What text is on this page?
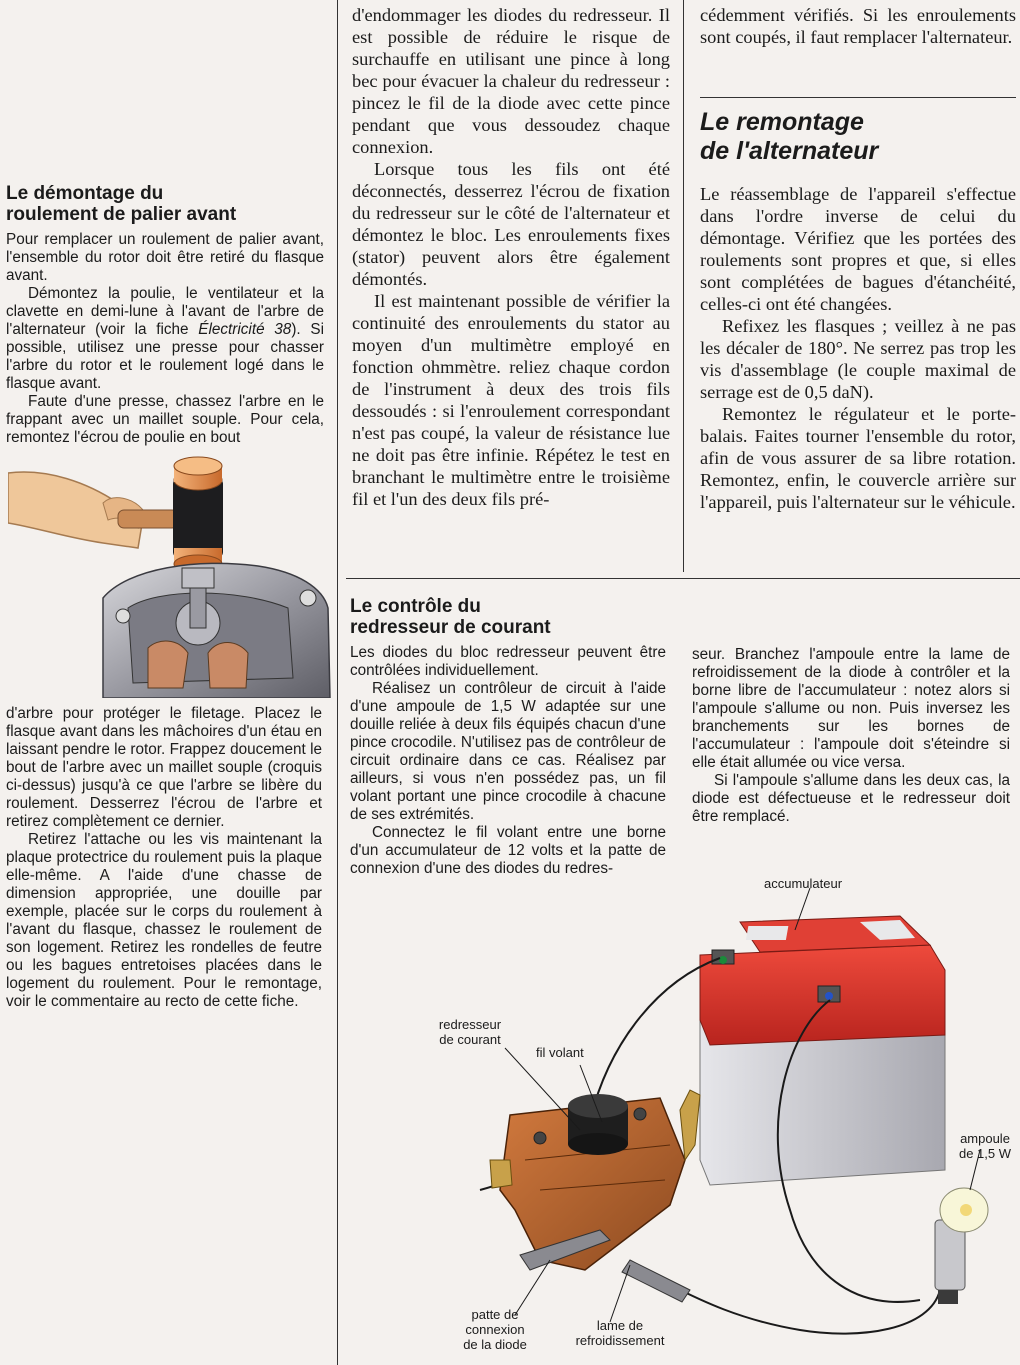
Le démontage du
roulement de palier avant

Pour remplacer un roulement de palier avant, l'ensemble du rotor doit être retiré du flasque avant.

Démontez la poulie, le ventilateur et la clavette en demi-lune à l'avant de l'arbre de l'alternateur (voir la fiche Électricité 38). Si possible, utilisez une presse pour chasser l'arbre du rotor et le roulement logé dans le flasque avant.

Faute d'une presse, chassez l'arbre en le frappant avec un maillet souple. Pour cela, remontez l'écrou de poulie en bout

d'arbre pour protéger le filetage. Placez le flasque avant dans les mâchoires d'un étau en laissant pendre le rotor. Frappez doucement le bout de l'arbre avec un maillet souple (croquis ci-dessus) jusqu'à ce que l'arbre se libère du roulement. Desserrez l'écrou de l'arbre et retirez complètement ce dernier.

Retirez l'attache ou les vis maintenant la plaque protectrice du roulement puis la plaque elle-même. A l'aide d'une chasse de dimension appropriée, une douille par exemple, placée sur le corps du roulement à l'avant du flasque, chassez le roulement de son logement. Retirez les rondelles de feutre ou les bagues entretoises placées dans le logement du roulement. Pour le remontage, voir le commentaire au recto de cette fiche.

d'endommager les diodes du redresseur. Il est possible de réduire le risque de surchauffe en utilisant une pince à long bec pour évacuer la chaleur du redresseur : pincez le fil de la diode avec cette pince pendant que vous dessoudez chaque connexion.

Lorsque tous les fils ont été déconnectés, desserrez l'écrou de fixation du redresseur sur le côté de l'alternateur et démontez le bloc. Les enroulements fixes (stator) peuvent alors être également démontés.

Il est maintenant possible de vérifier la continuité des enroulements du stator au moyen d'un multimètre employé en fonction ohmmètre. reliez chaque cordon de l'instrument à deux des trois fils dessoudés : si l'enroulement correspondant n'est pas coupé, la valeur de résistance lue ne doit pas être infinie. Répétez le test en branchant le multimètre entre le troisième fil et l'un des deux fils pré-

cédemment vérifiés. Si les enroulements sont coupés, il faut remplacer l'alternateur.

Le remontage
de l'alternateur

Le réassemblage de l'appareil s'effectue dans l'ordre inverse de celui du démontage. Vérifiez que les portées des roulements sont propres et que, si elles sont complétées de bagues d'étanchéité, celles-ci ont été changées.

Refixez les flasques ; veillez à ne pas les décaler de 180°. Ne serrez pas trop les vis d'assemblage (le couple maximal de serrage est de 0,5 daN).

Remontez le régulateur et le porte-balais. Faites tourner l'ensemble du rotor, afin de vous assurer de sa libre rotation. Remontez, enfin, le couvercle arrière sur l'appareil, puis l'alternateur sur le véhicule.

Le contrôle du
redresseur de courant

Les diodes du bloc redresseur peuvent être contrôlées individuellement.

Réalisez un contrôleur de circuit à l'aide d'une ampoule de 1,5 W adaptée sur une douille reliée à deux fils équipés chacun d'une pince crocodile. N'utilisez pas de contrôleur de circuit ordinaire dans ce cas. Réalisez par ailleurs, si vous n'en possédez pas, un fil volant portant une pince crocodile à chacune de ses extrémités.

Connectez le fil volant entre une borne d'un accumulateur de 12 volts et la patte de connexion d'une des diodes du redres-

seur. Branchez l'ampoule entre la lame de refroidissement de la diode à contrôler et la borne libre de l'accumulateur : notez alors si l'ampoule s'allume ou non. Puis inversez les branchements sur les bornes de l'accumulateur : l'ampoule doit s'éteindre si elle était allumée ou vice versa.

Si l'ampoule s'allume dans les deux cas, la diode est défectueuse et le redresseur doit être remplacé.

accumulateur
redresseur
de courant
fil volant
ampoule
de 1,5 W
patte de
connexion
de la diode
lame de
refroidissement
